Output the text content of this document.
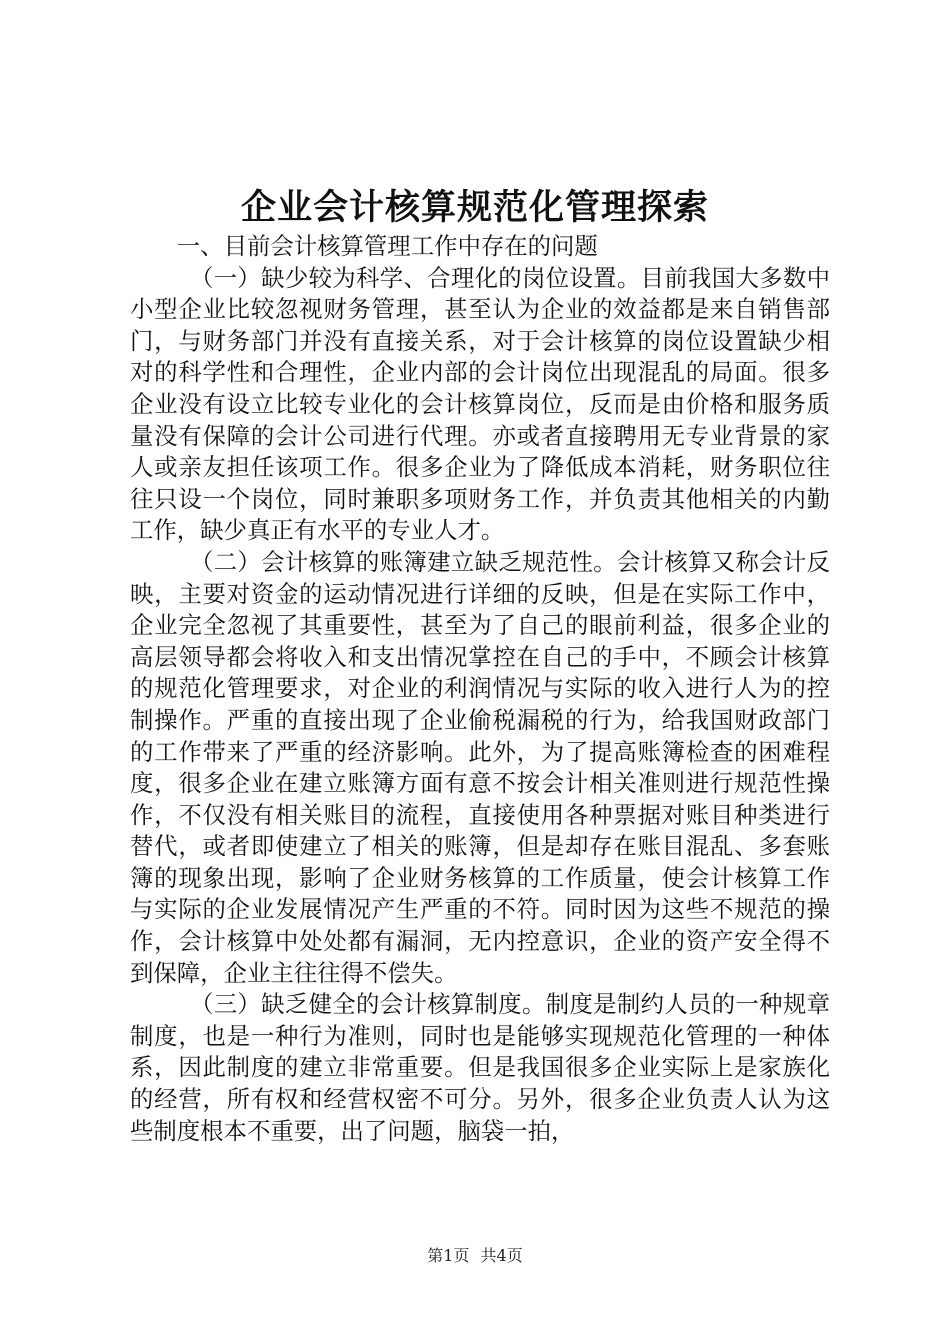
企业会计核算规范化管理探索

一、目前会计核算管理工作中存在的问题

（一）缺少较为科学、合理化的岗位设置。目前我国大多数中小型企业比较忽视财务管理，甚至认为企业的效益都是来自销售部门，与财务部门并没有直接关系，对于会计核算的岗位设置缺少相对的科学性和合理性，企业内部的会计岗位出现混乱的局面。很多企业没有设立比较专业化的会计核算岗位，反而是由价格和服务质量没有保障的会计公司进行代理。亦或者直接聘用无专业背景的家人或亲友担任该项工作。很多企业为了降低成本消耗，财务职位往往只设一个岗位，同时兼职多项财务工作，并负责其他相关的内勤工作，缺少真正有水平的专业人才。

（二）会计核算的账簿建立缺乏规范性。会计核算又称会计反映，主要对资金的运动情况进行详细的反映，但是在实际工作中，企业完全忽视了其重要性，甚至为了自己的眼前利益，很多企业的高层领导都会将收入和支出情况掌控在自己的手中，不顾会计核算的规范化管理要求，对企业的利润情况与实际的收入进行人为的控制操作。严重的直接出现了企业偷税漏税的行为，给我国财政部门的工作带来了严重的经济影响。此外，为了提高账簿检查的困难程度，很多企业在建立账簿方面有意不按会计相关准则进行规范性操作，不仅没有相关账目的流程，直接使用各种票据对账目种类进行替代，或者即使建立了相关的账簿，但是却存在账目混乱、多套账簿的现象出现，影响了企业财务核算的工作质量，使会计核算工作与实际的企业发展情况产生严重的不符。同时因为这些不规范的操作，会计核算中处处都有漏洞，无内控意识，企业的资产安全得不到保障，企业主往往得不偿失。

（三）缺乏健全的会计核算制度。制度是制约人员的一种规章制度，也是一种行为准则，同时也是能够实现规范化管理的一种体系，因此制度的建立非常重要。但是我国很多企业实际上是家族化的经营，所有权和经营权密不可分。另外，很多企业负责人认为这些制度根本不重要，出了问题，脑袋一拍，

第1页 共4页
